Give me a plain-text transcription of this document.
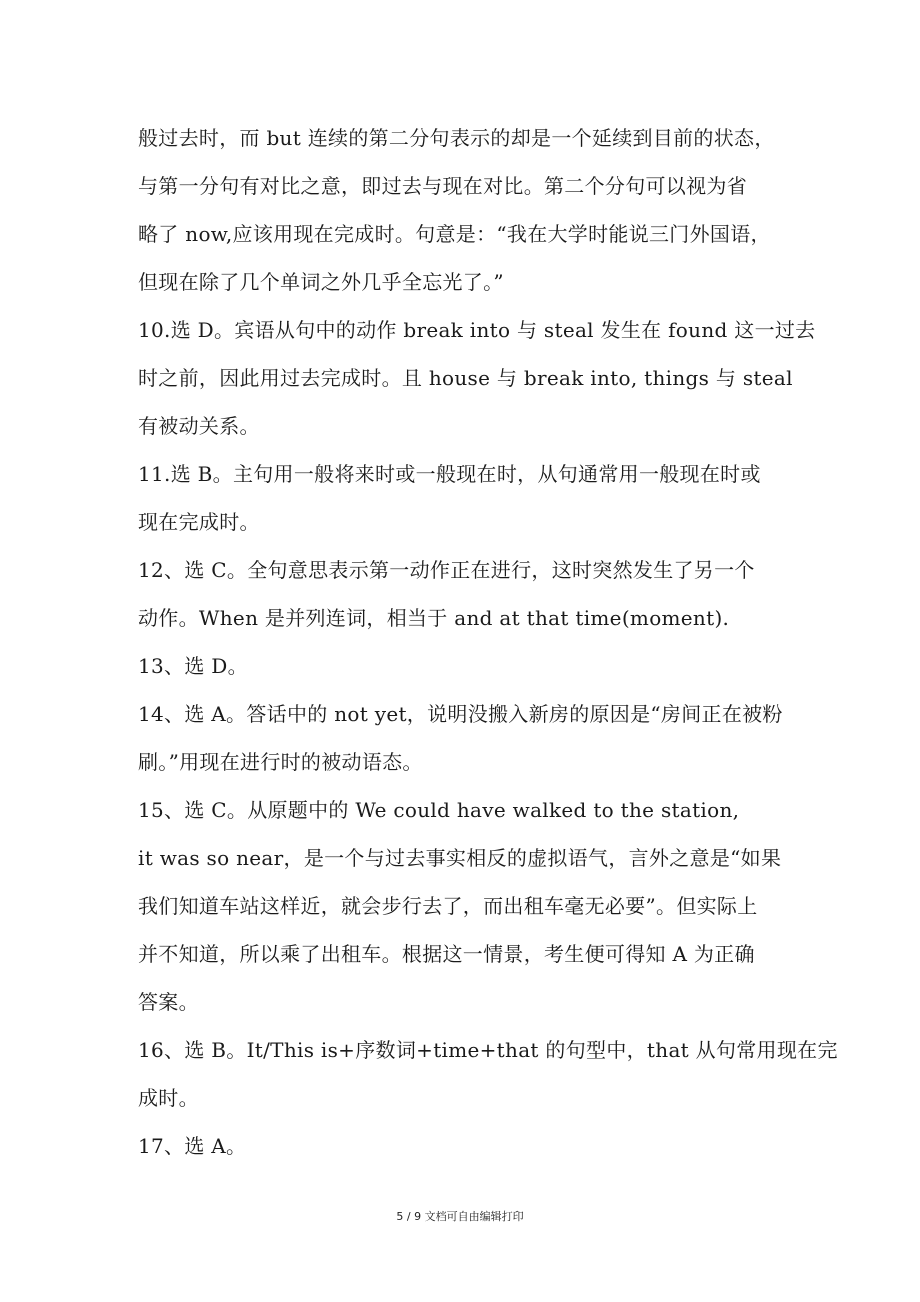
般过去时，而 but 连续的第二分句表示的却是一个延续到目前的状态，
与第一分句有对比之意，即过去与现在对比。第二个分句可以视为省
略了 now,应该用现在完成时。句意是：“我在大学时能说三门外国语，
但现在除了几个单词之外几乎全忘光了。”
10.选 D。宾语从句中的动作 break into 与 steal 发生在 found 这一过去
时之前，因此用过去完成时。且 house 与 break into, things 与 steal
有被动关系。
11.选 B。主句用一般将来时或一般现在时，从句通常用一般现在时或
现在完成时。
12、选 C。全句意思表示第一动作正在进行，这时突然发生了另一个
动作。When 是并列连词，相当于 and at that time(moment).
13、选 D。
14、选 A。答话中的 not yet，说明没搬入新房的原因是“房间正在被粉
刷。”用现在进行时的被动语态。
15、选 C。从原题中的 We could have walked to the station,
it was so near，是一个与过去事实相反的虚拟语气，言外之意是“如果
我们知道车站这样近，就会步行去了，而出租车毫无必要”。但实际上
并不知道，所以乘了出租车。根据这一情景，考生便可得知 A 为正确
答案。
16、选 B。It/This is+序数词+time+that 的句型中，that 从句常用现在完
成时。
17、选 A。
5 / 9 文档可自由编辑打印
